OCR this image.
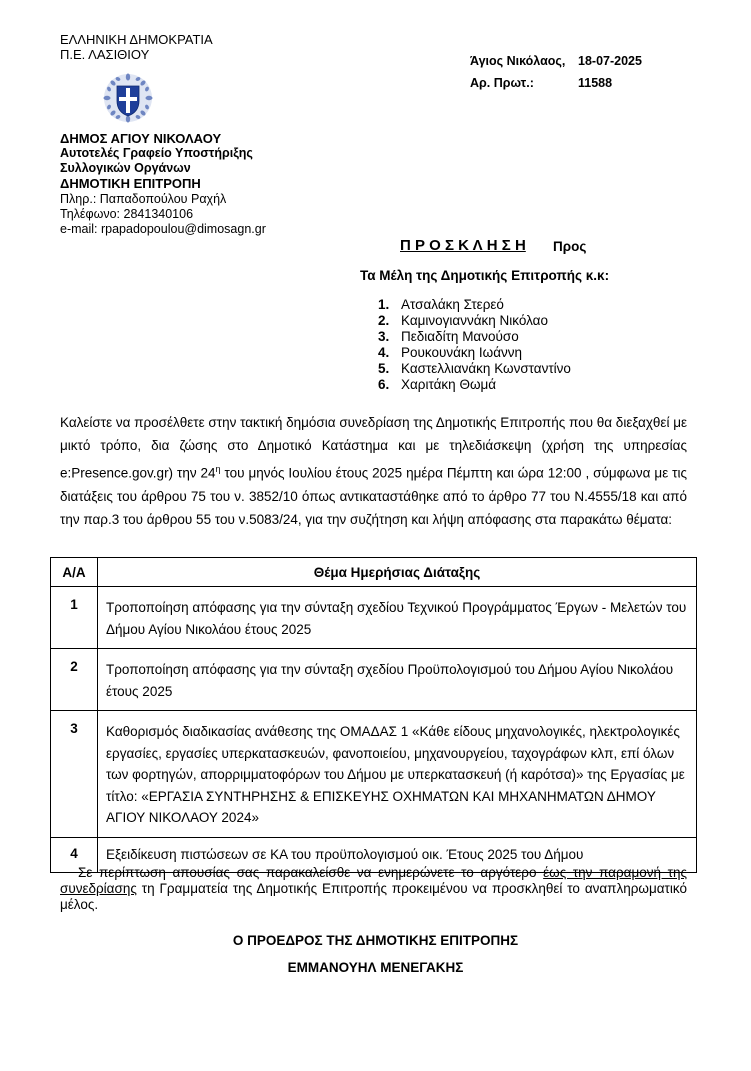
ΕΛΛΗΝΙΚΗ ΔΗΜΟΚΡΑΤΙΑ
Π.Ε. ΛΑΣΙΘΙΟΥ
ΔΗΜΟΣ ΑΓΙΟΥ ΝΙΚΟΛΑΟΥ
Αυτοτελές Γραφείο Υποστήριξης
Συλλογικών Οργάνων
ΔΗΜΟΤΙΚΗ ΕΠΙΤΡΟΠΗ
Πληρ.: Παπαδοπούλου Ραχήλ
Τηλέφωνο: 2841340106
e-mail: rpapadopoulou@dimosagn.gr
Άγιος Νικόλαος, 18-07-2025
Αρ. Πρωτ.:	11588
Π Ρ Ο Σ Κ Λ Η Σ Η Προς
Τα Μέλη της Δημοτικής Επιτροπής κ.κ:
1. Ατσαλάκη Στερεό
2. Καμινογιαννάκη Νικόλαο
3. Πεδιαδίτη Μανούσο
4. Ρουκουνάκη Ιωάννη
5. Καστελλιανάκη Κωνσταντίνο
6. Χαριτάκη Θωμά

Καλείστε να προσέλθετε στην τακτική δημόσια συνεδρίαση της Δημοτικής Επιτροπής που θα διεξαχθεί με μικτό τρόπο, δια ζώσης στο Δημοτικό Κατάστημα και με τηλεδιάσκεψη (χρήση της υπηρεσίας e:Presence.gov.gr) την $24^\eta$ του μηνός Ιουλίου έτους 2025 ημέρα Πέμπτη και ώρα 12:00 , σύμφωνα με τις διατάξεις του άρθρου 75 του ν. 3852/10 όπως αντικαταστάθηκε από το άρθρο 77 του Ν.4555/18 και από την παρ.3 του άρθρου 55 του ν.5083/24, για την συζήτηση και λήψη απόφασης στα παρακάτω θέματα:

Α/Α	Θέμα Ημερήσιας Διάταξης
1	Τροποποίηση απόφασης για την σύνταξη σχεδίου Τεχνικού Προγράμματος Έργων - Μελετών του Δήμου Αγίου Νικολάου έτους 2025
2	Τροποποίηση απόφασης για την σύνταξη σχεδίου Προϋπολογισμού του Δήμου Αγίου Νικολάου έτους 2025
3	Καθορισμός διαδικασίας ανάθεσης της ΟΜΑΔΑΣ 1 «Κάθε είδους μηχανολογικές, ηλεκτρολογικές εργασίες, εργασίες υπερκατασκευών, φανοποιείου, μηχανουργείου, ταχογράφων κλπ, επί όλων των φορτηγών, απορριμματοφόρων του Δήμου με υπερκατασκευή (ή καρότσα)» της Εργασίας με τίτλο: «ΕΡΓΑΣΙΑ ΣΥΝΤΗΡΗΣΗΣ & ΕΠΙΣΚΕΥΗΣ ΟΧΗΜΑΤΩΝ ΚΑΙ ΜΗΧΑΝΗΜΑΤΩΝ ΔΗΜΟΥ ΑΓΙΟΥ ΝΙΚΟΛΑΟΥ 2024»
4	Εξειδίκευση πιστώσεων σε ΚΑ του προϋπολογισμού οικ. Έτους 2025 του Δήμου

Σε περίπτωση απουσίας σας παρακαλείσθε να ενημερώνετε το αργότερο έως την παραμονή της συνεδρίασης τη Γραμματεία της Δημοτικής Επιτροπής προκειμένου να προσκληθεί το αναπληρωματικό μέλος.

Ο ΠΡΟΕΔΡΟΣ ΤΗΣ ΔΗΜΟΤΙΚΗΣ ΕΠΙΤΡΟΠΗΣ
ΕΜΜΑΝΟΥΗΛ ΜΕΝΕΓΑΚΗΣ
